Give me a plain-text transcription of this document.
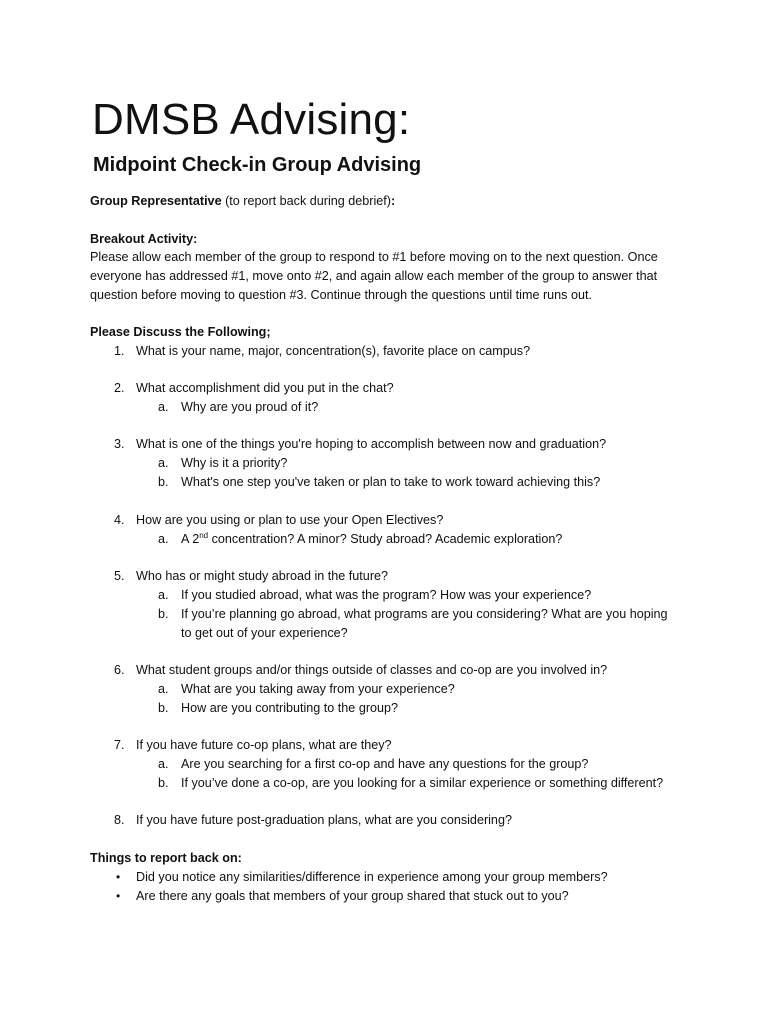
DMSB Advising:
Midpoint Check-in Group Advising
Group Representative (to report back during debrief):
Breakout Activity:
Please allow each member of the group to respond to #1 before moving on to the next question. Once
everyone has addressed #1, move onto #2, and again allow each member of the group to answer that
question before moving to question #3. Continue through the questions until time runs out.
Please Discuss the Following;
1. What is your name, major, concentration(s), favorite place on campus?
2. What accomplishment did you put in the chat?
a. Why are you proud of it?
3. What is one of the things you're hoping to accomplish between now and graduation?
a. Why is it a priority?
b. What's one step you've taken or plan to take to work toward achieving this?
4. How are you using or plan to use your Open Electives?
a. A 2nd concentration? A minor? Study abroad? Academic exploration?
5. Who has or might study abroad in the future?
a. If you studied abroad, what was the program? How was your experience?
b. If you’re planning go abroad, what programs are you considering? What are you hoping
to get out of your experience?
6. What student groups and/or things outside of classes and co-op are you involved in?
a. What are you taking away from your experience?
b. How are you contributing to the group?
7. If you have future co-op plans, what are they?
a. Are you searching for a first co-op and have any questions for the group?
b. If you’ve done a co-op, are you looking for a similar experience or something different?
8. If you have future post-graduation plans, what are you considering?
Things to report back on:
• Did you notice any similarities/difference in experience among your group members?
• Are there any goals that members of your group shared that stuck out to you?
